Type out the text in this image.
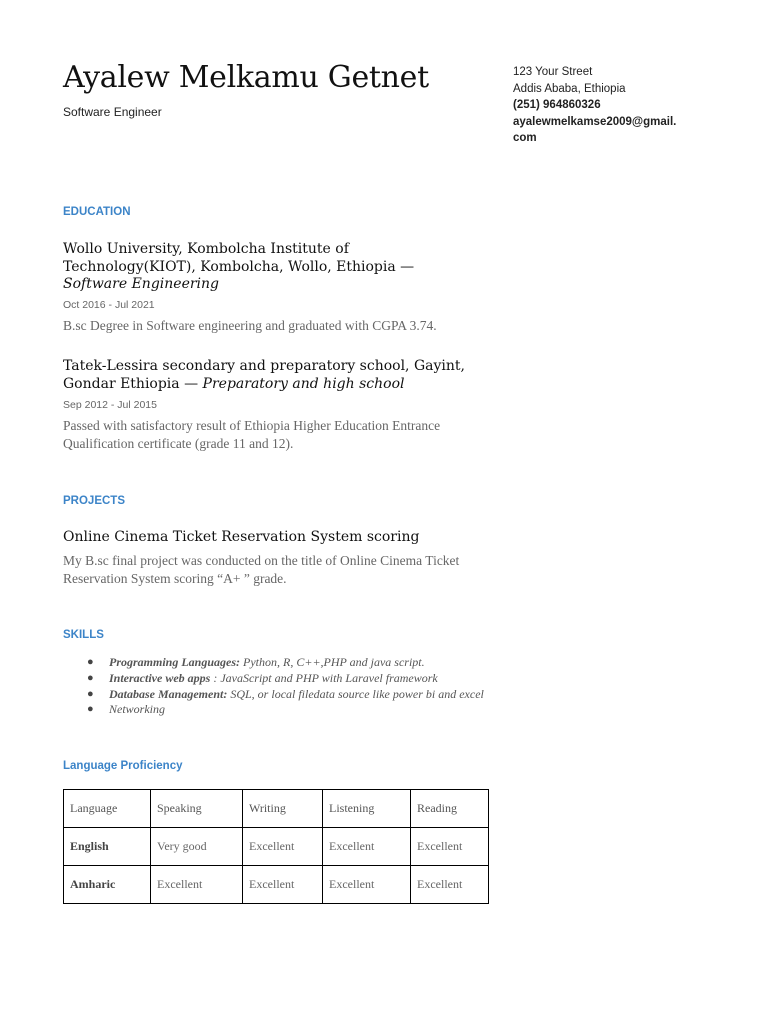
Ayalew Melkamu Getnet
Software Engineer
123 Your Street
Addis Ababa, Ethiopia
(251) 964860326
ayalewmelkamse2009@gmail.
com
EDUCATION
Wollo University, Kombolcha Institute of Technology(KIOT), Kombolcha, Wollo, Ethiopia —
Software Engineering
Oct 2016 - Jul 2021
B.sc Degree in Software engineering and graduated with CGPA 3.74.
Tatek-Lessira secondary and preparatory school, Gayint, Gondar Ethiopia — Preparatory and high school
Sep 2012 - Jul 2015
Passed with satisfactory result of Ethiopia Higher Education Entrance Qualification certificate (grade 11 and 12).
PROJECTS
Online Cinema Ticket Reservation System scoring
My B.sc final project was conducted on the title of Online Cinema Ticket Reservation System scoring “A+ ” grade.
SKILLS
● Programming Languages: Python, R, C++,PHP and java script.
● Interactive web apps : JavaScript and PHP with Laravel framework
● Database Management: SQL, or local filedata source like power bi and excel
● Networking
Language Proficiency
Language	Speaking	Writing	Listening	Reading
English	Very good	Excellent	Excellent	Excellent
Amharic	Excellent	Excellent	Excellent	Excellent
